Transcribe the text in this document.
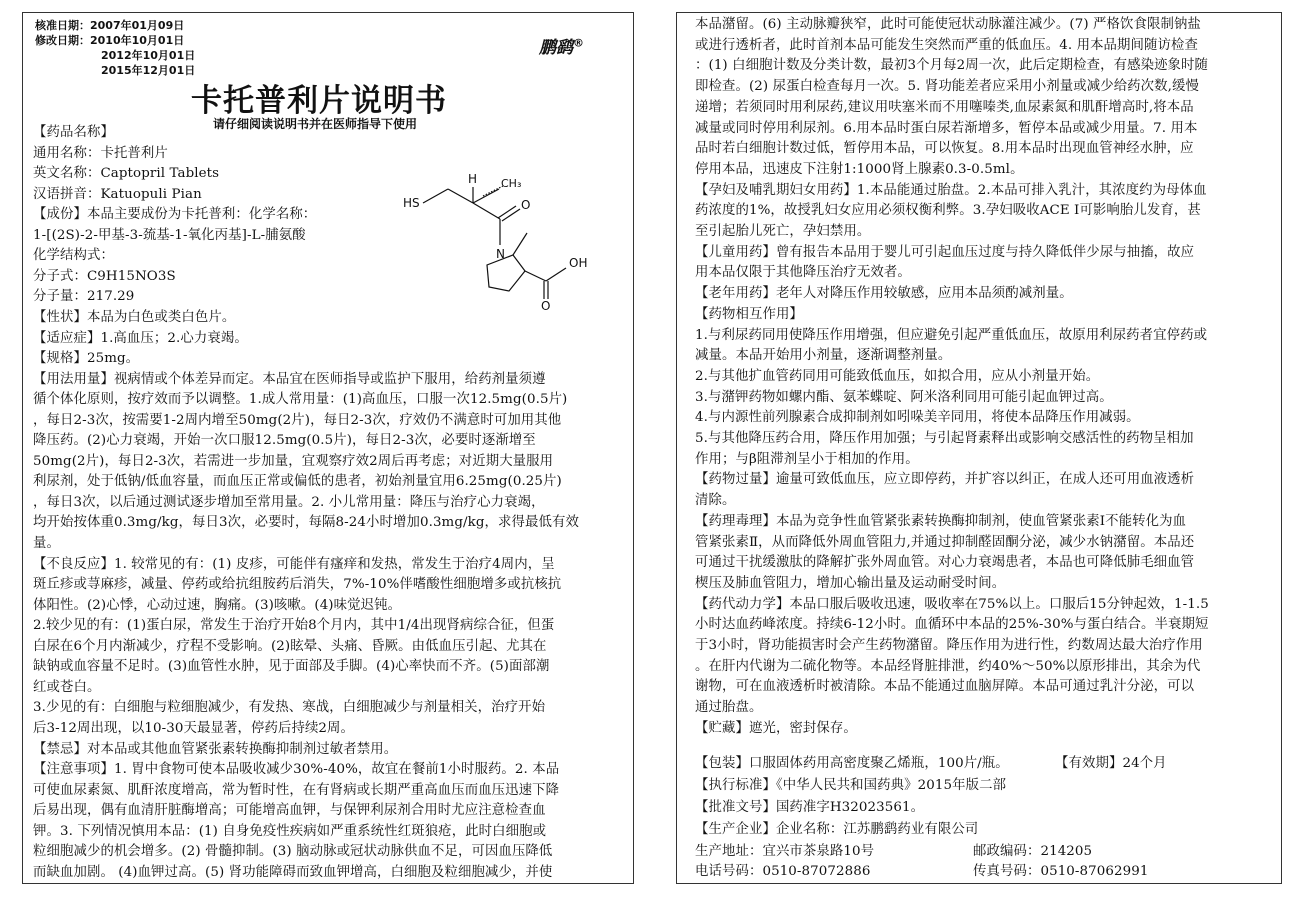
核准日期：2007年01月09日
修改日期：2010年10月01日
2012年10月01日
2015年12月01日
鹏鹞®
卡托普利片说明书
请仔细阅读说明书并在医师指导下使用
【药品名称】
通用名称：卡托普利片
英文名称：Captopril Tablets
汉语拼音：Katuopuli Pian
【成份】本品主要成份为卡托普利：化学名称：
1-[(2S)-2-甲基-3-巯基-1-氧化丙基]-L-脯氨酸
化学结构式：
分子式：C9H15NO3S
分子量：217.29
【性状】本品为白色或类白色片。
【适应症】1.高血压；2.心力衰竭。
【规格】25mg。
【用法用量】视病情或个体差异而定。本品宜在医师指导或监护下服用，给药剂量须遵
循个体化原则，按疗效而予以调整。1.成人常用量：(1)高血压，口服一次12.5mg(0.5片)
，每日2-3次，按需要1-2周内增至50mg(2片)，每日2-3次，疗效仍不满意时可加用其他
降压药。(2)心力衰竭，开始一次口服12.5mg(0.5片)，每日2-3次，必要时逐渐增至
50mg(2片)，每日2-3次，若需进一步加量，宜观察疗效2周后再考虑；对近期大量服用
利尿剂，处于低钠/低血容量，而血压正常或偏低的患者，初始剂量宜用6.25mg(0.25片)
，每日3次，以后通过测试逐步增加至常用量。2. 小儿常用量：降压与治疗心力衰竭，
均开始按体重0.3mg/kg，每日3次，必要时，每隔8-24小时增加0.3mg/kg，求得最低有效
量。
【不良反应】1. 较常见的有：(1) 皮疹，可能伴有瘙痒和发热，常发生于治疗4周内，呈
斑丘疹或荨麻疹，减量、停药或给抗组胺药后消失，7%-10%伴嗜酸性细胞增多或抗核抗
体阳性。(2)心悸，心动过速，胸痛。(3)咳嗽。(4)味觉迟钝。
2.较少见的有：(1)蛋白尿，常发生于治疗开始8个月内，其中1/4出现肾病综合征，但蛋
白尿在6个月内渐减少，疗程不受影响。(2)眩晕、头痛、昏厥。由低血压引起、尤其在
缺钠或血容量不足时。(3)血管性水肿，见于面部及手脚。(4)心率快而不齐。(5)面部潮
红或苍白。
3.少见的有：白细胞与粒细胞减少，有发热、寒战，白细胞减少与剂量相关，治疗开始
后3-12周出现，以10-30天最显著，停药后持续2周。
【禁忌】对本品或其他血管紧张素转换酶抑制剂过敏者禁用。
【注意事项】1. 胃中食物可使本品吸收减少30%-40%，故宜在餐前1小时服药。2. 本品
可使血尿素氮、肌酐浓度增高，常为暂时性，在有肾病或长期严重高血压而血压迅速下降
后易出现，偶有血清肝脏酶增高；可能增高血钾，与保钾利尿剂合用时尤应注意检查血
钾。3. 下列情况慎用本品：(1) 自身免疫性疾病如严重系统性红斑狼疮，此时白细胞或
粒细胞减少的机会增多。(2) 骨髓抑制。(3) 脑动脉或冠状动脉供血不足，可因血压降低
而缺血加剧。 (4)血钾过高。(5) 肾功能障碍而致血钾增高，白细胞及粒细胞减少，并使
HS
H CH₃
O
N
OH
O
本品潴留。(6) 主动脉瓣狭窄，此时可能使冠状动脉灌注减少。(7) 严格饮食限制钠盐
或进行透析者，此时首剂本品可能发生突然而严重的低血压。4. 用本品期间随访检查
：(1) 白细胞计数及分类计数，最初3个月每2周一次，此后定期检查，有感染迹象时随
即检查。(2) 尿蛋白检查每月一次。5. 肾功能差者应采用小剂量或减少给药次数,缓慢
递增；若须同时用利尿药,建议用呋塞米而不用噻嗪类,血尿素氮和肌酐增高时,将本品
减量或同时停用利尿剂。6.用本品时蛋白尿若渐增多，暂停本品或减少用量。7. 用本
品时若白细胞计数过低，暂停用本品，可以恢复。8.用本品时出现血管神经水肿，应
停用本品，迅速皮下注射1:1000肾上腺素0.3-0.5ml。
【孕妇及哺乳期妇女用药】1.本品能通过胎盘。2.本品可排入乳汁，其浓度约为母体血
药浓度的1%，故授乳妇女应用必须权衡利弊。3.孕妇吸收ACE I可影响胎儿发育，甚
至引起胎儿死亡，孕妇禁用。
【儿童用药】曾有报告本品用于婴儿可引起血压过度与持久降低伴少尿与抽搐，故应
用本品仅限于其他降压治疗无效者。
【老年用药】老年人对降压作用较敏感，应用本品须酌减剂量。
【药物相互作用】
1.与利尿药同用使降压作用增强，但应避免引起严重低血压，故原用利尿药者宜停药或
减量。本品开始用小剂量，逐渐调整剂量。
2.与其他扩血管药同用可能致低血压，如拟合用，应从小剂量开始。
3.与潴钾药物如螺内酯、氨苯蝶啶、阿米洛利同用可能引起血钾过高。
4.与内源性前列腺素合成抑制剂如吲哚美辛同用，将使本品降压作用减弱。
5.与其他降压药合用，降压作用加强；与引起肾素释出或影响交感活性的药物呈相加
作用；与β阻滞剂呈小于相加的作用。
【药物过量】逾量可致低血压，应立即停药，并扩容以纠正，在成人还可用血液透析
清除。
【药理毒理】本品为竞争性血管紧张素转换酶抑制剂，使血管紧张素Ⅰ不能转化为血
管紧张素Ⅱ，从而降低外周血管阻力,并通过抑制醛固酮分泌，减少水钠潴留。本品还
可通过干扰缓激肽的降解扩张外周血管。对心力衰竭患者，本品也可降低肺毛细血管
楔压及肺血管阻力，增加心输出量及运动耐受时间。
【药代动力学】本品口服后吸收迅速，吸收率在75%以上。口服后15分钟起效，1-1.5
小时达血药峰浓度。持续6-12小时。血循环中本品的25%-30%与蛋白结合。半衰期短
于3小时，肾功能损害时会产生药物潴留。降压作用为进行性，约数周达最大治疗作用
。在肝内代谢为二硫化物等。本品经肾脏排泄，约40%～50%以原形排出，其余为代
谢物，可在血液透析时被清除。本品不能通过血脑屏障。本品可通过乳汁分泌，可以
通过胎盘。
【贮藏】遮光，密封保存。
【包装】口服固体药用高密度聚乙烯瓶，100片/瓶。	【有效期】24个月
【执行标准】《中华人民共和国药典》2015年版二部
【批准文号】国药准字H32023561。
【生产企业】企业名称：江苏鹏鹞药业有限公司
生产地址：宜兴市茶泉路10号	邮政编码：214205
电话号码：0510-87072886	传真号码：0510-87062991
